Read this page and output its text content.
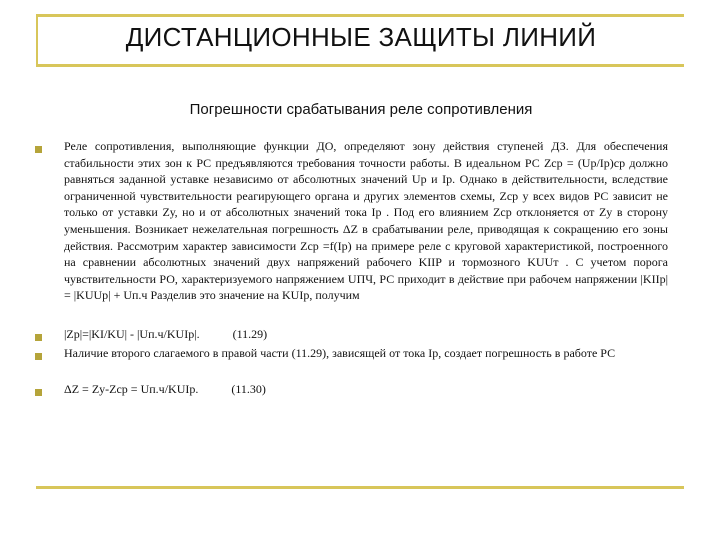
ДИСТАНЦИОННЫЕ ЗАЩИТЫ ЛИНИЙ
Погрешности срабатывания реле сопротивления
Реле сопротивления, выполняющие функции ДО, определяют зону действия ступеней ДЗ. Для обеспечения стабильности этих зон к РС предъявляются требования точности работы. В идеальном РС Zср = (Uр/Iр)ср должно равняться заданной уставке независимо от абсолютных значений Uр и Iр. Однако в действительности, вследствие ограниченной чувствительности реагирующего органа и других элементов схемы, Zср у всех видов РС зависит не только от уставки Zу, но и от абсолютных значений тока Iр . Под его влиянием Zср отклоняется от Zу в сторону уменьшения. Возникает нежелательная погрешность ΔZ в срабатывании реле, приводящая к сокращению его зоны действия. Рассмотрим характер зависимости Zср =f(Iр) на примере реле с круговой характеристикой, построенного на сравнении абсолютных значений двух напряжений рабочего KIIP и тормозного KUUт . С учетом порога чувствительности РО, характеризуемого напряжением UПЧ, РС приходит в действие при рабочем напряжении |KIIp| = |KUUр| + Uп.ч Разделив это значение на KUIр, получим
|Zр|=|KI/KU| - |Uп.ч/KUIр|.	(11.29)
Наличие второго слагаемого в правой части (11.29), зависящей от тока Iр, создает погрешность в работе РС
ΔZ = Zу-Zср = Uп.ч/KUIр.	(11.30)
